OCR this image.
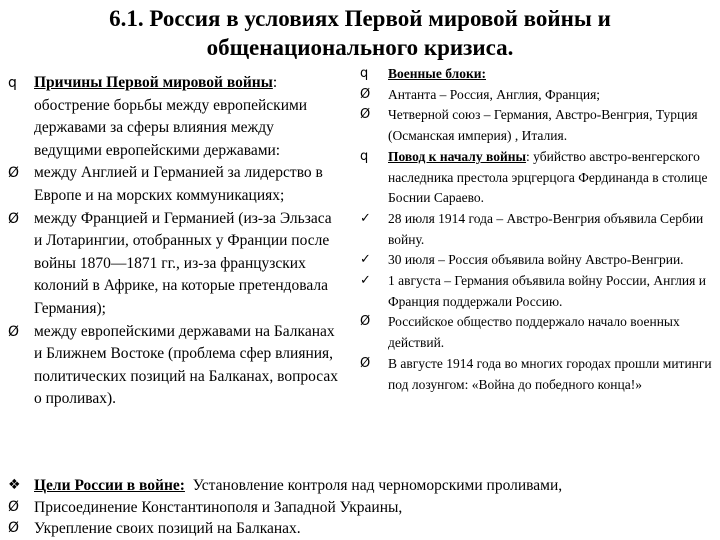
6.1. Россия в условиях Первой мировой войны и
общенационального кризиса.
q	Причины Первой мировой войны: обострение борьбы между европейскими державами за сферы влияния между ведущими европейскими державами:
Ø между Англией и Германией за лидерство в Европе и на морских коммуникациях;
Ø между Францией и Германией (из-за Эльзаса и Лотарингии, отобранных у Франции после войны 1870—1871 гг., из-за французских колоний в Африке, на которые претендовала Германия);
Ø между европейскими державами на Балканах и Ближнем Востоке (проблема сфер влияния, политических позиций на Балканах, вопросах о проливах).
q	Военные блоки:
Ø	Антанта – Россия, Англия, Франция;
Ø	Четверной союз – Германия, Австро-Венгрия, Турция (Османская империя) , Италия.
q	Повод к началу войны: убийство австро-венгерского наследника престола эрцгерцога Фердинанда в столице Боснии Сараево.
✓	28 июля 1914 года – Австро-Венгрия объявила Сербии войну.
✓	30 июля – Россия объявила войну Австро-Венгрии.
✓	1 августа – Германия объявила войну России, Англия и Франция поддержали Россию.
Ø	Российское общество поддержало начало военных действий.
Ø	В августе 1914 года во многих городах прошли митинги под лозунгом: «Война до победного конца!»
❖ Цели России в войне:  Установление контроля над черноморскими проливами,
Ø Присоединение Константинополя и Западной Украины,
Ø Укрепление своих позиций на Балканах.
